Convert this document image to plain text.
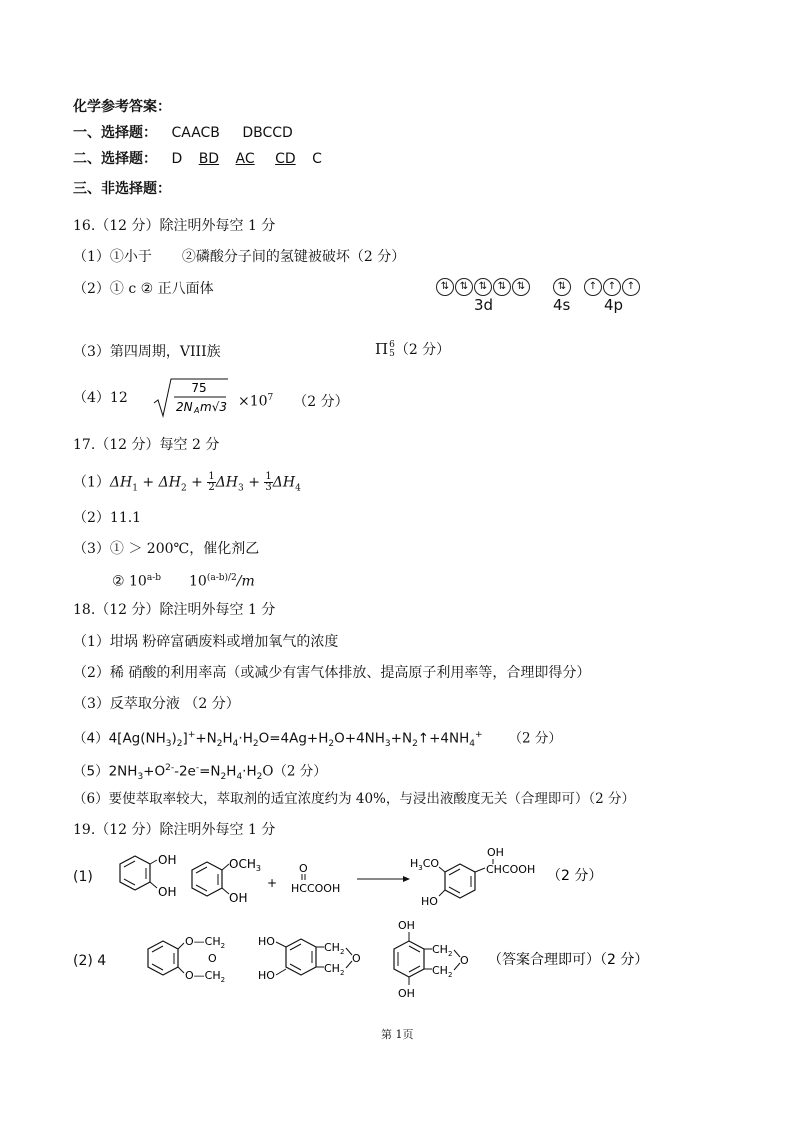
化学参考答案：
一、选择题： CAACB DBCCD
二、选择题： D BD AC CD C
三、非选择题：
16.（12 分）除注明外每空 1 分
（1）①小于 ②磷酸分子间的氢键被破坏（2 分）
（2）① c ② 正八面体	⇅ ⇅ ⇅ ⇅ ⇅	⇅	↑ ↑ ↑
3d	4s 4p
（3）第四周期，VIII族	Π 6
5 （2 分）
（4）12
75
2N A $m√3 \times 10^7$ （2 分）
17.（12 分）每空 2 分
$(1)\Delta H_1 + \Delta H_2 + \frac{1}{2} \Delta H_3 + \frac{1}{3} \Delta H_4$
（2）11.1
（3）① ＞ 200℃，催化剂乙
② 10$^{a-b}$ $10^{(a-b)/2}/m$
18.（12 分）除注明外每空 1 分
（1）坩埚 粉碎富硒废料或增加氧气的浓度
（2）稀 硝酸的利用率高（或减少有害气体排放、提高原子利用率等，合理即得分）
（3）反萃取分液 （2 分）
$(4)4[Ag(NH_3)_2]^++N_2H_4\cdot H_2O=4Ag+H_2O+4NH_3+N_2↑+4NH_4^+$ （2 分）
$(5)2NH_3+O^{2-}-2e^-=N_2H_4\cdot H_2O(2$ 分）
（6）要使萃取率较大，萃取剂的适宜浓度约为 40%，与浸出液酸度无关（合理即可）（2 分）
19.（12 分）除注明外每空 1 分
(1)
OH
OH
$OCH_3$
OH
+
O
HCCOOH
$H_3CO$
HO
OH
CHCOOH （2 分）
(2) 4
$O—CH_2$
O
$O—CH_2$
HO
HO
$CH_2$
$CH_2$
O
OH
OH
$CH_2$
$CH_2$
O （答案合理即可）（2 分）
第 1页
